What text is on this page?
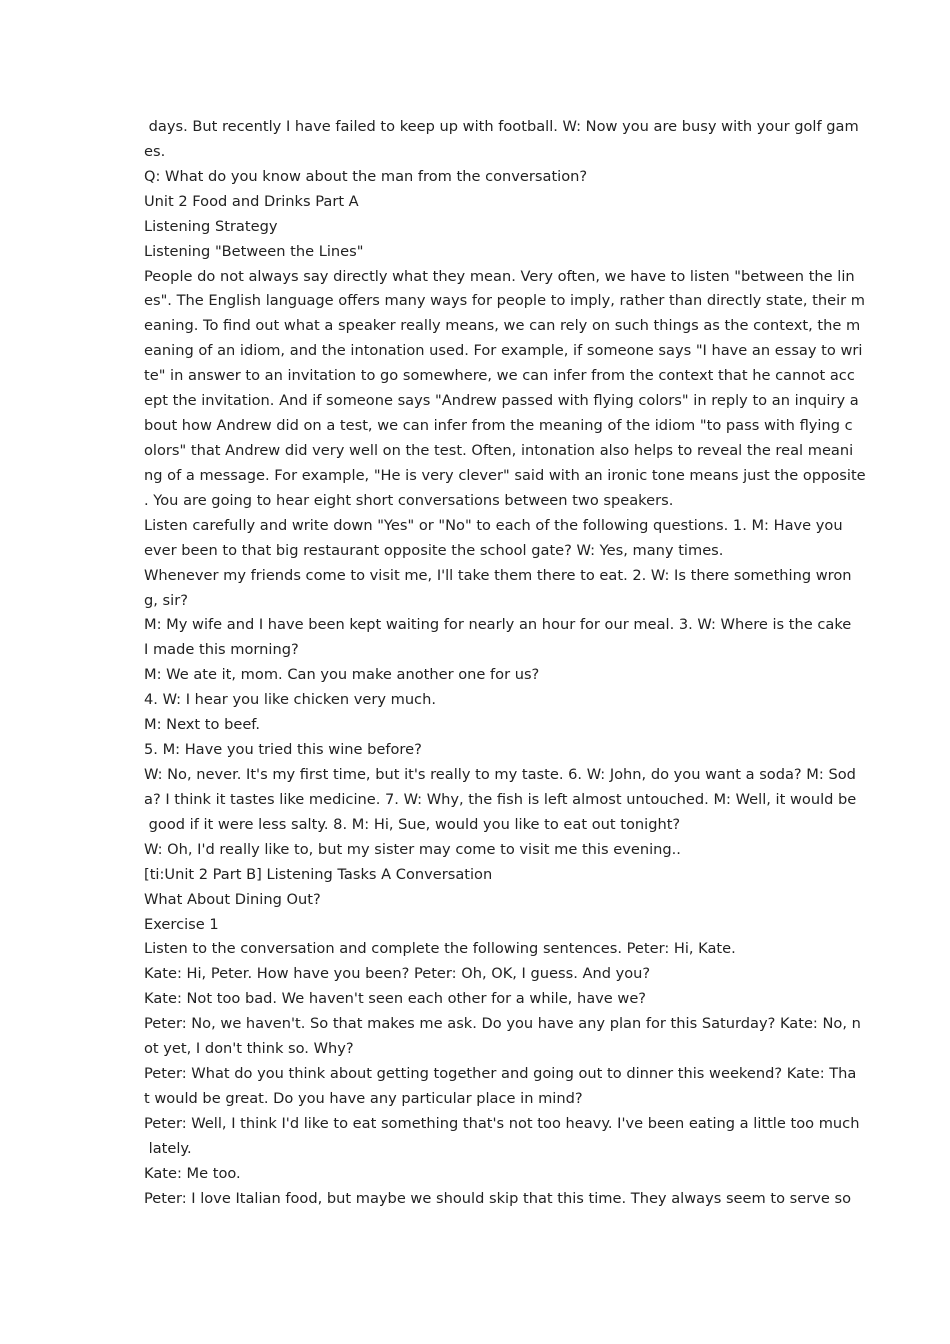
days. But recently I have failed to keep up with football. W: Now you are busy with your golf gam
es.
Q: What do you know about the man from the conversation?
Unit 2 Food and Drinks Part A
Listening Strategy
Listening "Between the Lines"
People do not always say directly what they mean. Very often, we have to listen "between the lin
es". The English language offers many ways for people to imply, rather than directly state, their m
eaning. To find out what a speaker really means, we can rely on such things as the context, the m
eaning of an idiom, and the intonation used. For example, if someone says "I have an essay to wri
te" in answer to an invitation to go somewhere, we can infer from the context that he cannot acc
ept the invitation. And if someone says "Andrew passed with flying colors" in reply to an inquiry a
bout how Andrew did on a test, we can infer from the meaning of the idiom "to pass with flying c
olors" that Andrew did very well on the test. Often, intonation also helps to reveal the real meani
ng of a message. For example, "He is very clever" said with an ironic tone means just the opposite
. You are going to hear eight short conversations between two speakers.
Listen carefully and write down "Yes" or "No" to each of the following questions. 1. M: Have you
ever been to that big restaurant opposite the school gate? W: Yes, many times.
Whenever my friends come to visit me, I'll take them there to eat. 2. W: Is there something wron
g, sir?
M: My wife and I have been kept waiting for nearly an hour for our meal. 3. W: Where is the cake
I made this morning?
M: We ate it, mom. Can you make another one for us?
4. W: I hear you like chicken very much.
M: Next to beef.
5. M: Have you tried this wine before?
W: No, never. It's my first time, but it's really to my taste. 6. W: John, do you want a soda? M: Sod
a? I think it tastes like medicine. 7. W: Why, the fish is left almost untouched. M: Well, it would be
good if it were less salty. 8. M: Hi, Sue, would you like to eat out tonight?
W: Oh, I'd really like to, but my sister may come to visit me this evening..
[ti:Unit 2 Part B] Listening Tasks A Conversation
What About Dining Out?
Exercise 1
Listen to the conversation and complete the following sentences. Peter: Hi, Kate.
Kate: Hi, Peter. How have you been? Peter: Oh, OK, I guess. And you?
Kate: Not too bad. We haven't seen each other for a while, have we?
Peter: No, we haven't. So that makes me ask. Do you have any plan for this Saturday? Kate: No, n
ot yet, I don't think so. Why?
Peter: What do you think about getting together and going out to dinner this weekend? Kate: Tha
t would be great. Do you have any particular place in mind?
Peter: Well, I think I'd like to eat something that's not too heavy. I've been eating a little too much
lately.
Kate: Me too.
Peter: I love Italian food, but maybe we should skip that this time. They always seem to serve so
